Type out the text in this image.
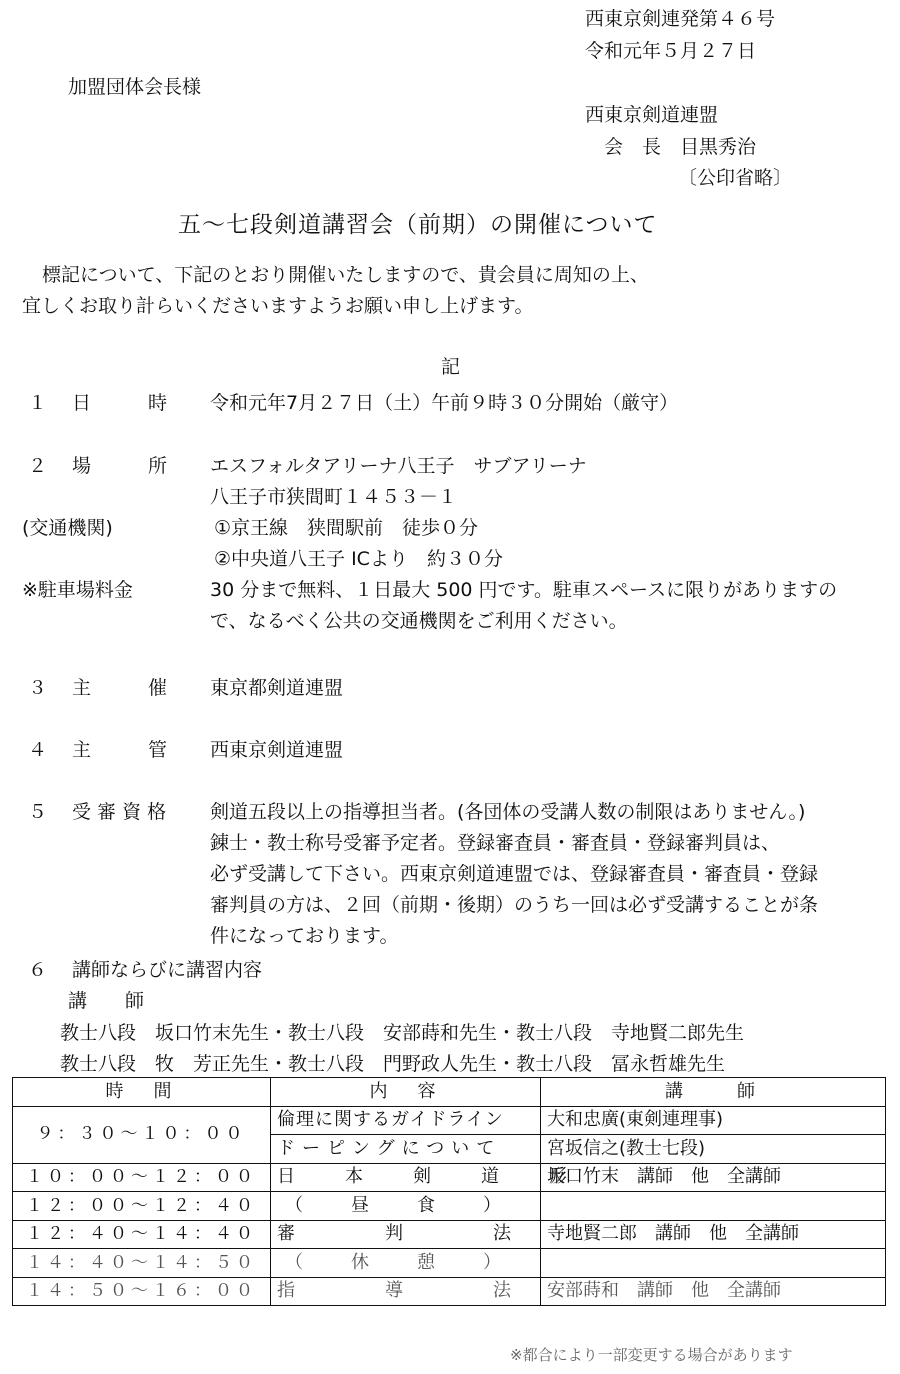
西東京剣連発第４６号
令和元年５月２７日
加盟団体会長様
西東京剣道連盟
会　長　目黒秀治
〔公印省略〕
五～七段剣道講習会（前期）の開催について
標記について、下記のとおり開催いたしますので、貴会員に周知の上、
宜しくお取り計らいくださいますようお願い申し上げます。
記
１ 日　　　時 令和元年7月２７日（土）午前９時３０分開始（厳守）
２ 場　　　所 エスフォルタアリーナ八王子　サブアリーナ
八王子市狭間町１４５３－１
(交通機関)	①京王線　狭間駅前　徒歩０分
②中央道八王子 ICより　約３０分
※駐車場料金	30 分まで無料、１日最大 500 円です。駐車スペースに限りがありますの
で、なるべく公共の交通機関をご利用ください。
３ 主　　　催 東京都剣道連盟
４ 主　　　管 西東京剣道連盟
５ 受 審 資 格 剣道五段以上の指導担当者。(各団体の受講人数の制限はありません。)
錬士・教士称号受審予定者。登録審査員・審査員・登録審判員は、
必ず受講して下さい。西東京剣道連盟では、登録審査員・審査員・登録
審判員の方は、２回（前期・後期）のうち一回は必ず受講することが条
件になっております。
６ 講師ならびに講習内容
講　　師
教士八段　坂口竹末先生・教士八段　安部蒔和先生・教士八段　寺地賢二郎先生
教士八段　牧　芳正先生・教士八段　門野政人先生・教士八段　冨永哲雄先生
時　間	内　容	講　　師
９：３０～１０：００	倫理に関するガイドライン	大和忠廣(東剣連理事)

	ドーピングについて	宮坂信之(教士七段)
１０：００～１２：００	日本剣道形	坂口竹末　講師　他　全講師
１２：００～１２：４０	（昼食）	
１２：４０～１４：４０	審判法	寺地賢二郎　講師　他　全講師
１４：４０～１４：５０	（休憩）	
１４：５０～１６：００	指導法	安部蒔和　講師　他　全講師
※都合により一部変更する場合があります
